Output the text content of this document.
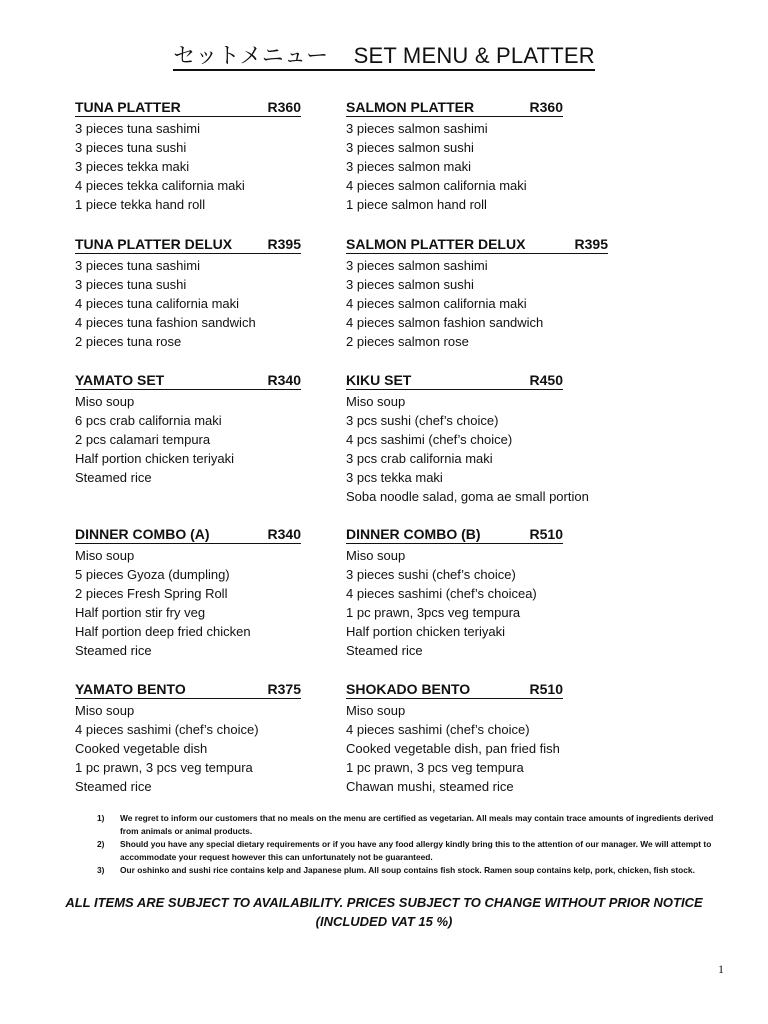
セットメニュー    SET MENU & PLATTER
TUNA PLATTER	R360
3 pieces tuna sashimi
3 pieces tuna sushi
3 pieces tekka maki
4 pieces tekka california maki
1 piece tekka hand roll
SALMON PLATTER	R360
3 pieces salmon sashimi
3 pieces salmon sushi
3 pieces salmon maki
4 pieces salmon california maki
1 piece salmon hand roll
TUNA PLATTER DELUX	R395
3 pieces tuna sashimi
3 pieces tuna sushi
4 pieces tuna california maki
4 pieces tuna fashion sandwich
2 pieces tuna rose
SALMON PLATTER DELUX	R395
3 pieces salmon sashimi
3 pieces salmon sushi
4 pieces salmon california maki
4 pieces salmon fashion sandwich
2 pieces salmon rose
YAMATO SET	R340
Miso soup
6 pcs crab california maki
2 pcs calamari tempura
Half portion chicken teriyaki
Steamed rice
KIKU SET	R450
Miso soup
3 pcs sushi (chef’s choice)
4 pcs sashimi (chef’s choice)
3 pcs crab california maki
3 pcs tekka maki
Soba noodle salad, goma ae small portion
DINNER COMBO (A)	R340
Miso soup
5 pieces Gyoza (dumpling)
2 pieces Fresh Spring Roll
Half portion stir fry veg
Half portion deep fried chicken
Steamed rice
DINNER COMBO (B)	R510
Miso soup
3 pieces sushi (chef’s choice)
4 pieces sashimi (chef’s choicea)
1 pc prawn, 3pcs veg tempura
Half portion chicken teriyaki
Steamed rice
YAMATO BENTO	R375
Miso soup
4 pieces sashimi (chef’s choice)
Cooked vegetable dish
1 pc prawn, 3 pcs veg tempura
Steamed rice
SHOKADO BENTO	R510
Miso soup
4 pieces sashimi (chef’s choice)
Cooked vegetable dish, pan fried fish
1 pc prawn, 3 pcs veg tempura
Chawan mushi, steamed rice
1)	We regret to inform our customers that no meals on the menu are certified as vegetarian. All meals may contain trace amounts of ingredients derived from animals or animal products.
2)	Should you have any special dietary requirements or if you have any food allergy kindly bring this to the attention of our manager. We will attempt to accommodate your request however this can unfortunately not be guaranteed.
3)	Our oshinko and sushi rice contains kelp and Japanese plum. All soup contains fish stock. Ramen soup contains kelp, pork, chicken, fish stock.
ALL ITEMS ARE SUBJECT TO AVAILABILITY. PRICES SUBJECT TO CHANGE WITHOUT PRIOR NOTICE
(INCLUDED VAT 15 %)
1
